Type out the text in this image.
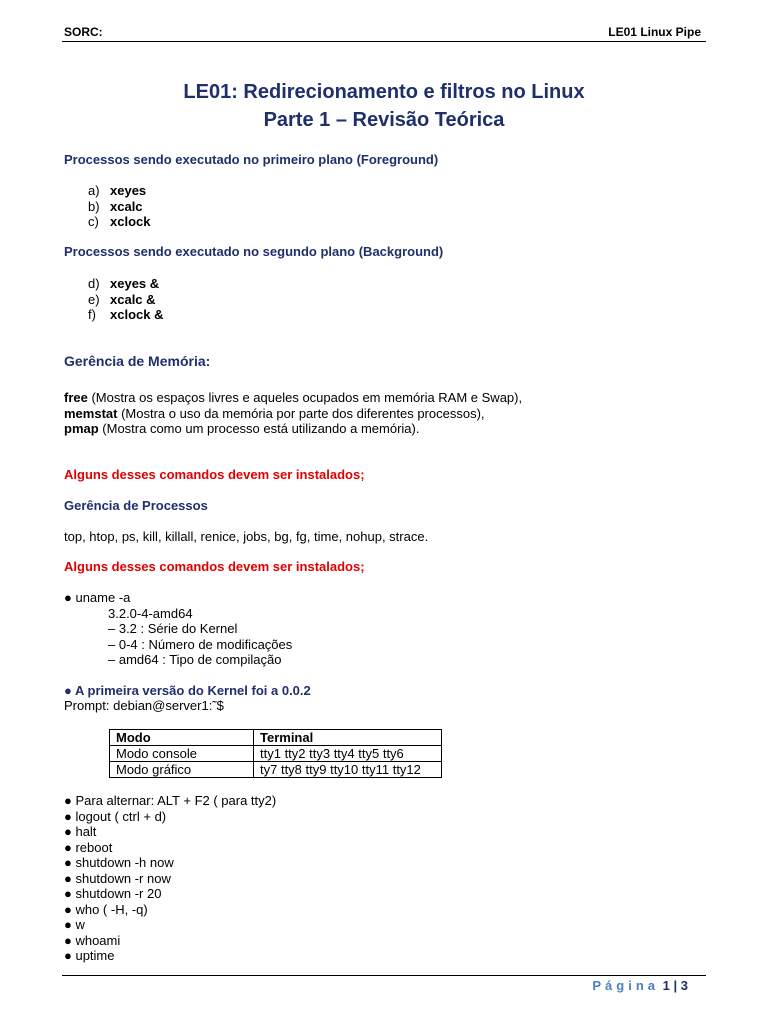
SORC:	LE01 Linux Pipe
LE01: Redirecionamento e filtros no Linux
Parte 1 – Revisão Teórica
Processos sendo executado no primeiro plano (Foreground)
a) xeyes
b) xcalc
c) xclock
Processos sendo executado no segundo plano (Background)
d) xeyes &
e) xcalc &
f) xclock &
Gerência de Memória:
free (Mostra os espaços livres e aqueles ocupados em memória RAM e Swap),
memstat (Mostra o uso da memória por parte dos diferentes processos),
pmap (Mostra como um processo está utilizando a memória).
Alguns desses comandos devem ser instalados;
Gerência de Processos
top, htop, ps, kill, killall, renice, jobs, bg, fg, time, nohup, strace.
Alguns desses comandos devem ser instalados;
● uname -a
3.2.0-4-amd64
– 3.2 : Série do Kernel
– 0-4 : Número de modificações
– amd64 : Tipo de compilação
● A primeira versão do Kernel foi a 0.0.2
Prompt: debian@server1:˜$
Modo	Terminal
Modo console	tty1 tty2 tty3 tty4 tty5 tty6
Modo gráfico	ty7 tty8 tty9 tty10 tty11 tty12
● Para alternar: ALT + F2 ( para tty2)
● logout ( ctrl + d)
● halt
● reboot
● shutdown -h now
● shutdown -r now
● shutdown -r 20
● who ( -H, -q)
● w
● whoami
● uptime
Página 1 | 3
